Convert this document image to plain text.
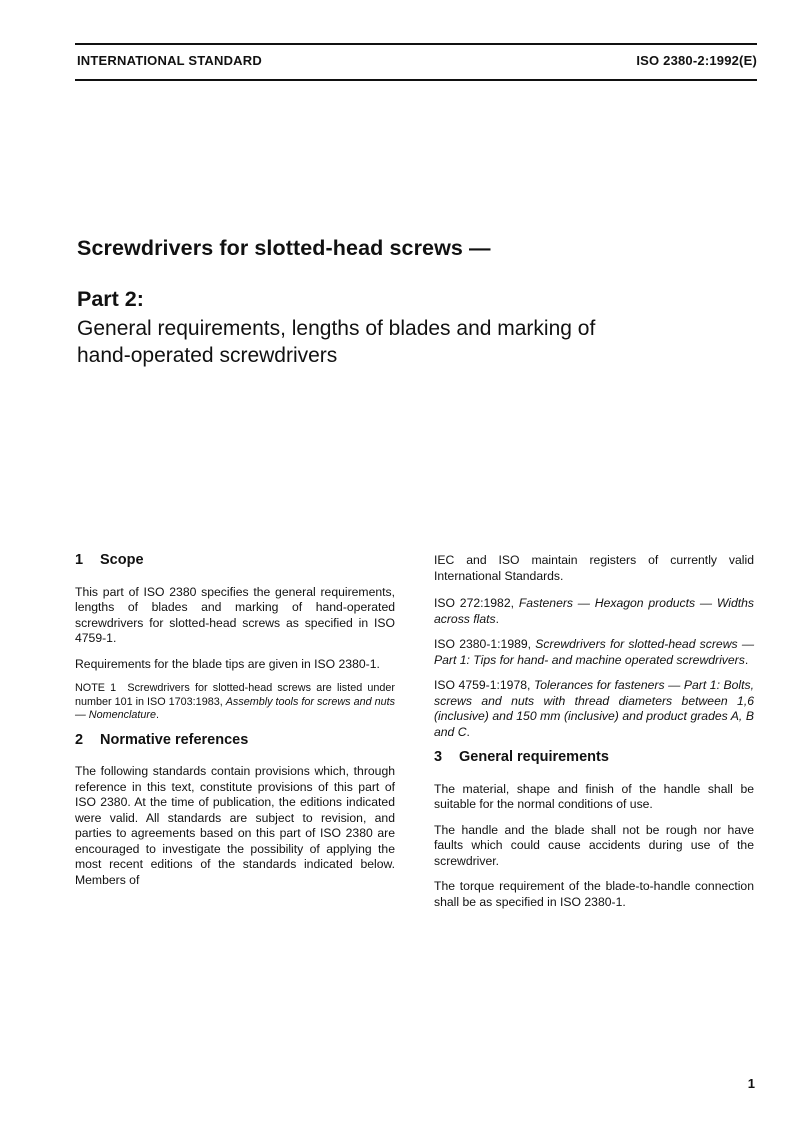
INTERNATIONAL STANDARD	ISO 2380-2:1992(E)
Screwdrivers for slotted-head screws —
Part 2:
General requirements, lengths of blades and marking of
hand-operated screwdrivers
1 Scope

This part of ISO 2380 specifies the general requirements, lengths of blades and marking of hand-operated screwdrivers for slotted-head screws as specified in ISO 4759-1.

Requirements for the blade tips are given in ISO 2380-1.

NOTE 1 Screwdrivers for slotted-head screws are listed under number 101 in ISO 1703:1983, Assembly tools for screws and nuts — Nomenclature.

2 Normative references

The following standards contain provisions which, through reference in this text, constitute provisions of this part of ISO 2380. At the time of publication, the editions indicated were valid. All standards are subject to revision, and parties to agreements based on this part of ISO 2380 are encouraged to investigate the possibility of applying the most recent editions of the standards indicated below. Members of

IEC and ISO maintain registers of currently valid International Standards.

ISO 272:1982, Fasteners — Hexagon products — Widths across flats.

ISO 2380-1:1989, Screwdrivers for slotted-head screws — Part 1: Tips for hand- and machine operated screwdrivers.

ISO 4759-1:1978, Tolerances for fasteners — Part 1: Bolts, screws and nuts with thread diameters between 1,6 (inclusive) and 150 mm (inclusive) and product grades A, B and C.

3 General requirements

The material, shape and finish of the handle shall be suitable for the normal conditions of use.

The handle and the blade shall not be rough nor have faults which could cause accidents during use of the screwdriver.

The torque requirement of the blade-to-handle connection shall be as specified in ISO 2380-1.

1
